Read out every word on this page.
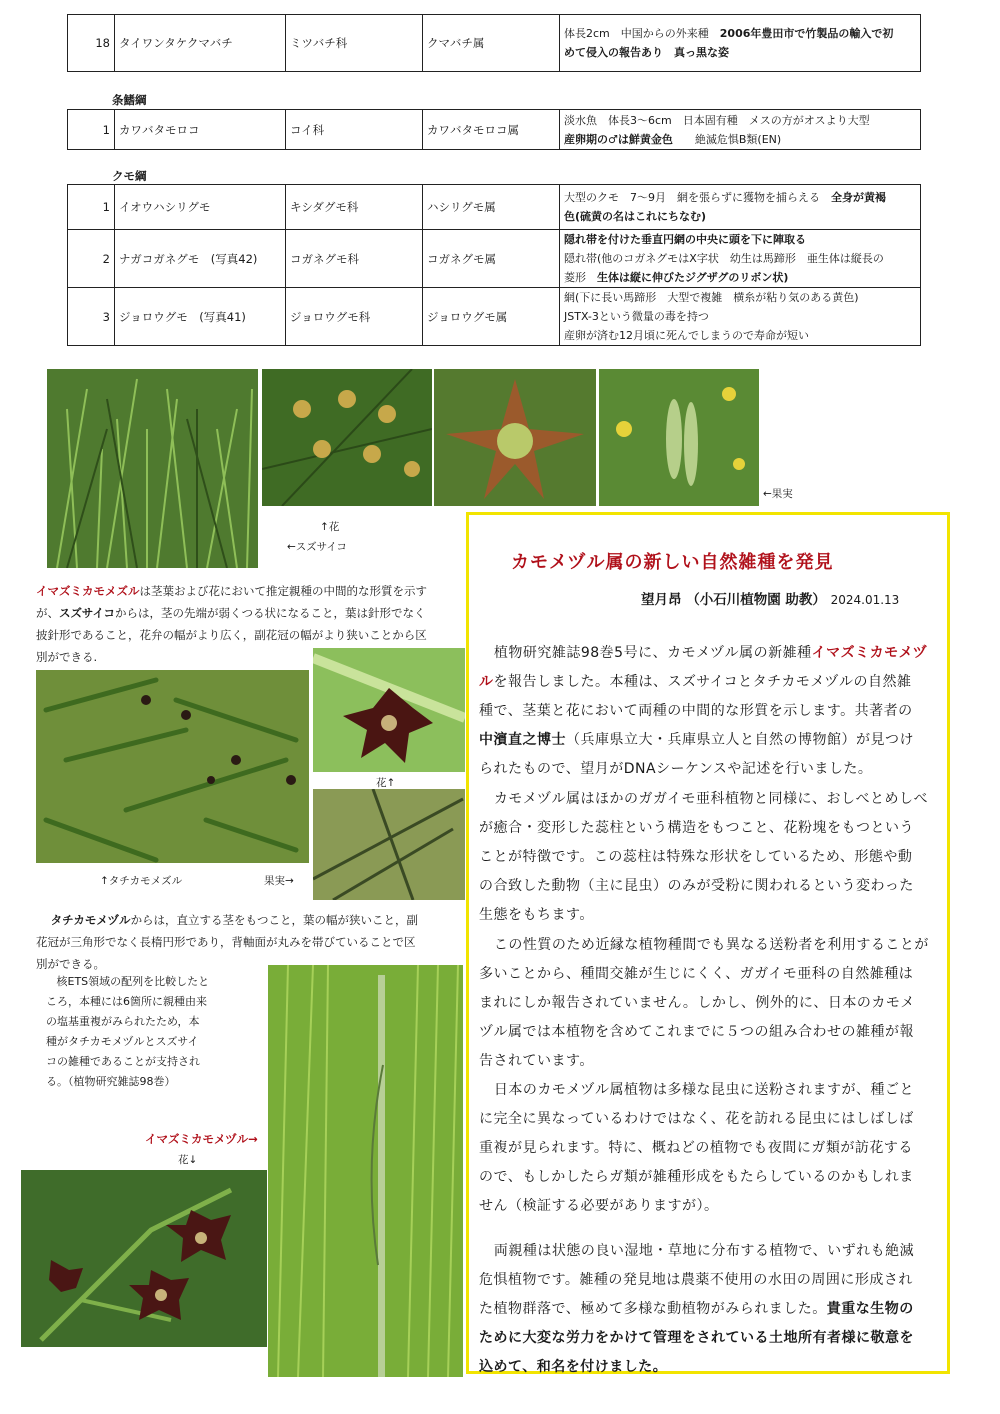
18	タイワンタケクマバチ	ミツバチ科	クマバチ属	体長2cm　中国からの外来種　2006年豊田市で竹製品の輸入で初
めて侵入の報告あり　真っ黒な姿
条鰭綱
1	カワバタモロコ	コイ科	カワバタモロコ属	淡水魚　体長3～6cm　日本固有種　メスの方がオスより大型
産卵期の♂は鮮黄金色　　絶滅危惧B類(EN)
クモ綱
1	イオウハシリグモ	キシダグモ科	ハシリグモ属	大型のクモ　7～9月　網を張らずに獲物を捕らえる　全身が黄褐
色(硫黄の名はこれにちなむ)
2	ナガコガネグモ　(写真42)	コガネグモ科	コガネグモ属	隠れ帯を付けた垂直円網の中央に頭を下に陣取る
隠れ帯(他のコガネグモはX字状　幼生は馬蹄形　亜生体は縦長の
菱形　生体は縦に伸びたジグザグのリボン状)
3	ジョロウグモ　(写真41)	ジョロウグモ科	ジョロウグモ属	網(下に長い馬蹄形　大型で複雑　横糸が粘り気のある黄色)
JSTX-3という微量の毒を持つ
産卵が済む12月頃に死んでしまうので寿命が短い
←果実
↑花
←スズサイコ
イマズミカモメズルは茎葉および花において推定親種の中間的な形質を示す
が、スズサイコからは，茎の先端が弱くつる状になること，葉は針形でなく
披針形であること，花弁の幅がより広く，副花冠の幅がより狭いことから区
別ができる.
花↑
↑タチカモメズル	果実→
タチカモメヅルからは，直立する茎をもつこと，葉の幅が狭いこと，副
花冠が三角形でなく長楕円形であり，背軸面が丸みを帯びていることで区
別ができる。
核ETS領域の配列を比較したと
ころ，本種には6箇所に親種由来
の塩基重複がみられたため，本
種がタチカモメヅルとスズサイ
コの雑種であることが支持され
る。（植物研究雑誌98巻）
イマズミカモメヅル→
花↓
カモメヅル属の新しい自然雑種を発見
望月昂 （小石川植物園 助教） 2024.01.13

植物研究雑誌98巻5号に、カモメヅル属の新雑種イマズミカモメヅ
ルを報告しました。本種は、スズサイコとタチカモメヅルの自然雑
種で、茎葉と花において両種の中間的な形質を示します。共著者の
中濱直之博士（兵庫県立大・兵庫県立人と自然の博物館）が見つけ
られたもので、望月がDNAシーケンスや記述を行いました。

カモメヅル属はほかのガガイモ亜科植物と同様に、おしべとめしべ
が癒合・変形した蕊柱という構造をもつこと、花粉塊をもつという
ことが特徴です。この蕊柱は特殊な形状をしているため、形態や動
の合致した動物（主に昆虫）のみが受粉に関われるという変わった
生態をもちます。

この性質のため近縁な植物種間でも異なる送粉者を利用することが
多いことから、種間交雑が生じにくく、ガガイモ亜科の自然雑種は
まれにしか報告されていません。しかし、例外的に、日本のカモメ
ヅル属では本植物を含めてこれまでに５つの組み合わせの雑種が報
告されています。

日本のカモメヅル属植物は多様な昆虫に送粉されますが、種ごと
に完全に異なっているわけではなく、花を訪れる昆虫にはしばしば
重複が見られます。特に、概ねどの植物でも夜間にガ類が訪花する
ので、もしかしたらガ類が雑種形成をもたらしているのかもしれま
せん（検証する必要がありますが）。

両親種は状態の良い湿地・草地に分布する植物で、いずれも絶滅
危惧植物です。雑種の発見地は農薬不使用の水田の周囲に形成され
た植物群落で、極めて多様な動植物がみられました。貴重な生物の
ために大変な労力をかけて管理をされている土地所有者様に敬意を
込めて、和名を付けました。
